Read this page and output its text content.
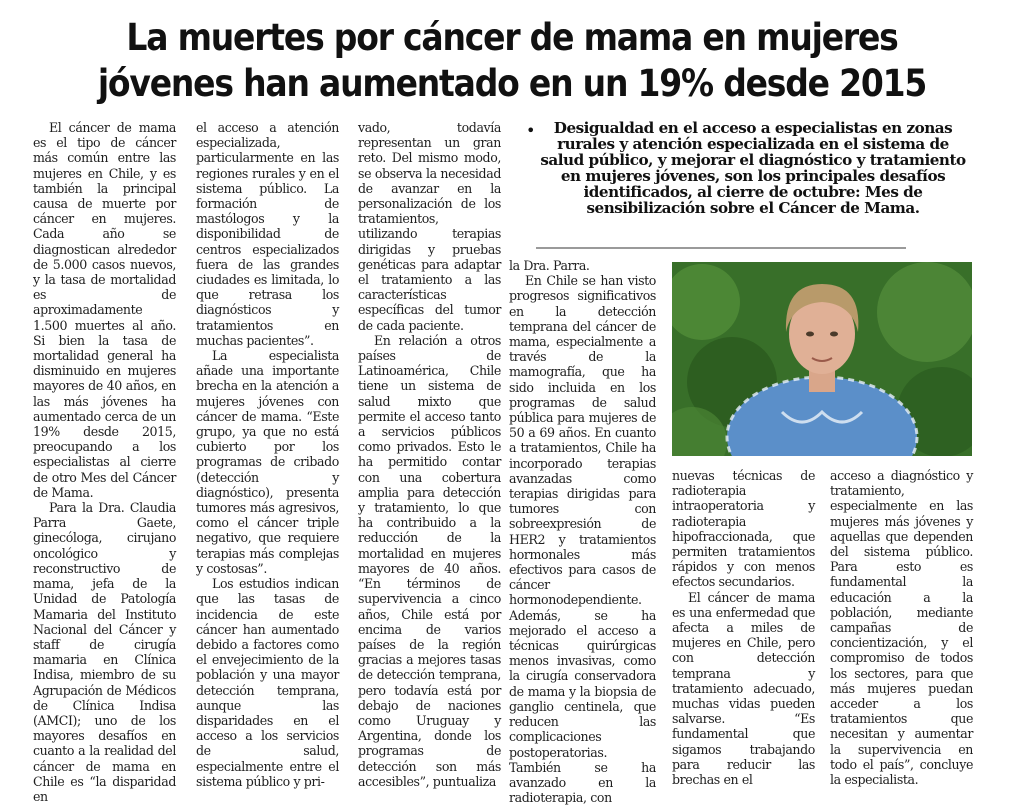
La muertes por cáncer de mama en mujeres jóvenes han aumentado en un 19% desde 2015

El cáncer de mama es el tipo de cáncer más común entre las mujeres en Chile, y es también la principal causa de muerte por cáncer en mujeres. Cada año se diagnostican alrededor de 5.000 casos nuevos, y la tasa de mortalidad es de aproximadamente 1.500 muertes al año. Si bien la tasa de mortalidad general ha disminuido en mujeres mayores de 40 años, en las más jóvenes ha aumentado cerca de un 19% desde 2015, preocupando a los especialistas al cierre de otro Mes del Cáncer de Mama.

Para la Dra. Claudia Parra Gaete, ginecóloga, cirujano oncológico y reconstructivo de mama, jefa de la Unidad de Patología Mamaria del Instituto Nacional del Cáncer y staff de cirugía mamaria en Clínica Indisa, miembro de su Agrupación de Médicos de Clínica Indisa (AMCI); uno de los mayores desafíos en cuanto a la realidad del cáncer de mama en Chile es “la disparidad en

el acceso a atención especializada, particularmente en las regiones rurales y en el sistema público. La formación de mastólogos y la disponibilidad de centros especializados fuera de las grandes ciudades es limitada, lo que retrasa los diagnósticos y tratamientos en muchas pacientes”.

La especialista añade una importante brecha en la atención a mujeres jóvenes con cáncer de mama. “Este grupo, ya que no está cubierto por los programas de cribado (detección y diagnóstico), presenta tumores más agresivos, como el cáncer triple negativo, que requiere terapias más complejas y costosas”.

Los estudios indican que las tasas de incidencia de este cáncer han aumentado debido a factores como el envejecimiento de la población y una mayor detección temprana, aunque las disparidades en el acceso a los servicios de salud, especialmente entre el sistema público y pri-

vado, todavía representan un gran reto. Del mismo modo, se observa la necesidad de avanzar en la personalización de los tratamientos, utilizando terapias dirigidas y pruebas genéticas para adaptar el tratamiento a las características específicas del tumor de cada paciente.

En relación a otros países de Latinoamérica, Chile tiene un sistema de salud mixto que permite el acceso tanto a servicios públicos como privados. Esto le ha permitido contar con una cobertura amplia para detección y tratamiento, lo que ha contribuido a la reducción de la mortalidad en mujeres mayores de 40 años. “En términos de supervivencia a cinco años, Chile está por encima de varios países de la región gracias a mejores tasas de detección temprana, pero todavía está por debajo de naciones como Uruguay y Argentina, donde los programas de detección son más accesibles”, puntualiza

•	Desigualdad en el acceso a especialistas en zonas rurales y atención especializada en el sistema de salud público, y mejorar el diagnóstico y tratamiento en mujeres jóvenes, son los principales desafíos identificados, al cierre de octubre: Mes de sensibilización sobre el Cáncer de Mama.

la Dra. Parra.

En Chile se han visto progresos significativos en la detección temprana del cáncer de mama, especialmente a través de la mamografía, que ha sido incluida en los programas de salud pública para mujeres de 50 a 69 años. En cuanto a tratamientos, Chile ha incorporado terapias avanzadas como terapias dirigidas para tumores con sobreexpresión de HER2 y tratamientos hormonales más efectivos para casos de cáncer hormonodependiente. Además, se ha mejorado el acceso a técnicas quirúrgicas menos invasivas, como la cirugía conservadora de mama y la biopsia de ganglio centinela, que reducen las complicaciones postoperatorias. También se ha avanzado en la radioterapia, con

nuevas técnicas de radioterapia intraoperatoria y radioterapia hipofraccionada, que permiten tratamientos rápidos y con menos efectos secundarios.

El cáncer de mama es una enfermedad que afecta a miles de mujeres en Chile, pero con detección temprana y tratamiento adecuado, muchas vidas pueden salvarse. “Es fundamental que sigamos trabajando para reducir las brechas en el

acceso a diagnóstico y tratamiento, especialmente en las mujeres más jóvenes y aquellas que dependen del sistema público. Para esto es fundamental la educación a la población, mediante campañas de concientización, y el compromiso de todos los sectores, para que más mujeres puedan acceder a los tratamientos que necesitan y aumentar la supervivencia en todo el país”, concluye la especialista.
